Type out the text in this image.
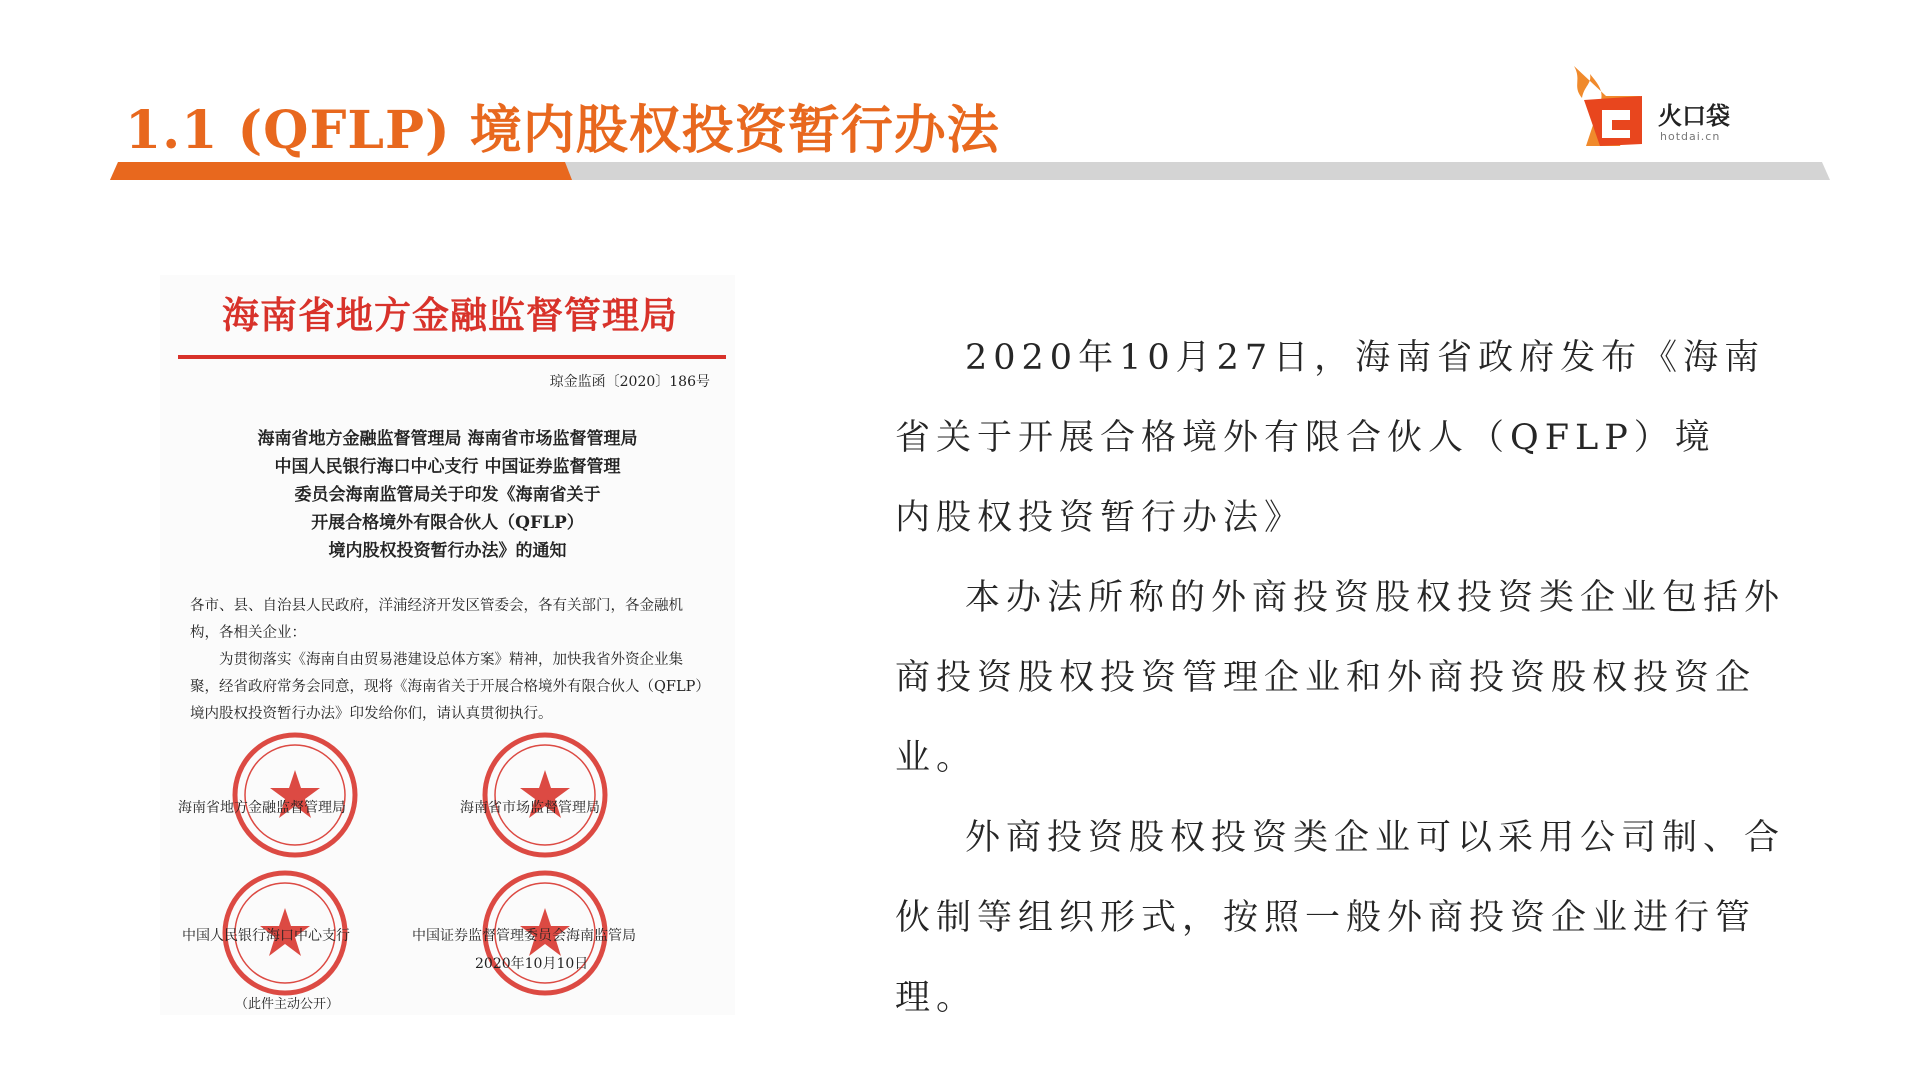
1.1 (QFLP) 境内股权投资暂行办法	火口袋
hotdai.cn
海南省地方金融监督管理局
琼金监函〔2020〕186号
海南省地方金融监督管理局 海南省市场监督管理局
中国人民银行海口中心支行 中国证券监督管理
委员会海南监管局关于印发《海南省关于
开展合格境外有限合伙人（QFLP）
境内股权投资暂行办法》的通知

各市、县、自治县人民政府，洋浦经济开发区管委会，各有关部门，各金融机构，各相关企业：

为贯彻落实《海南自由贸易港建设总体方案》精神，加快我省外资企业集聚，经省政府常务会同意，现将《海南省关于开展合格境外有限合伙人（QFLP）境内股权投资暂行办法》印发给你们，请认真贯彻执行。

海南省地方金融监督管理局	海南省市场监督管理局
中国人民银行海口中心支行	中国证券监督管理委员会海南监管局
2020年10月10日
（此件主动公开）

2020年10月27日，海南省政府发布《海南

省关于开展合格境外有限合伙人（QFLP）境

内股权投资暂行办法》

本办法所称的外商投资股权投资类企业包括外商投资股权投资管理企业和外商投资股权投资企业。

外商投资股权投资类企业可以采用公司制、合伙制等组织形式，按照一般外商投资企业进行管理。
